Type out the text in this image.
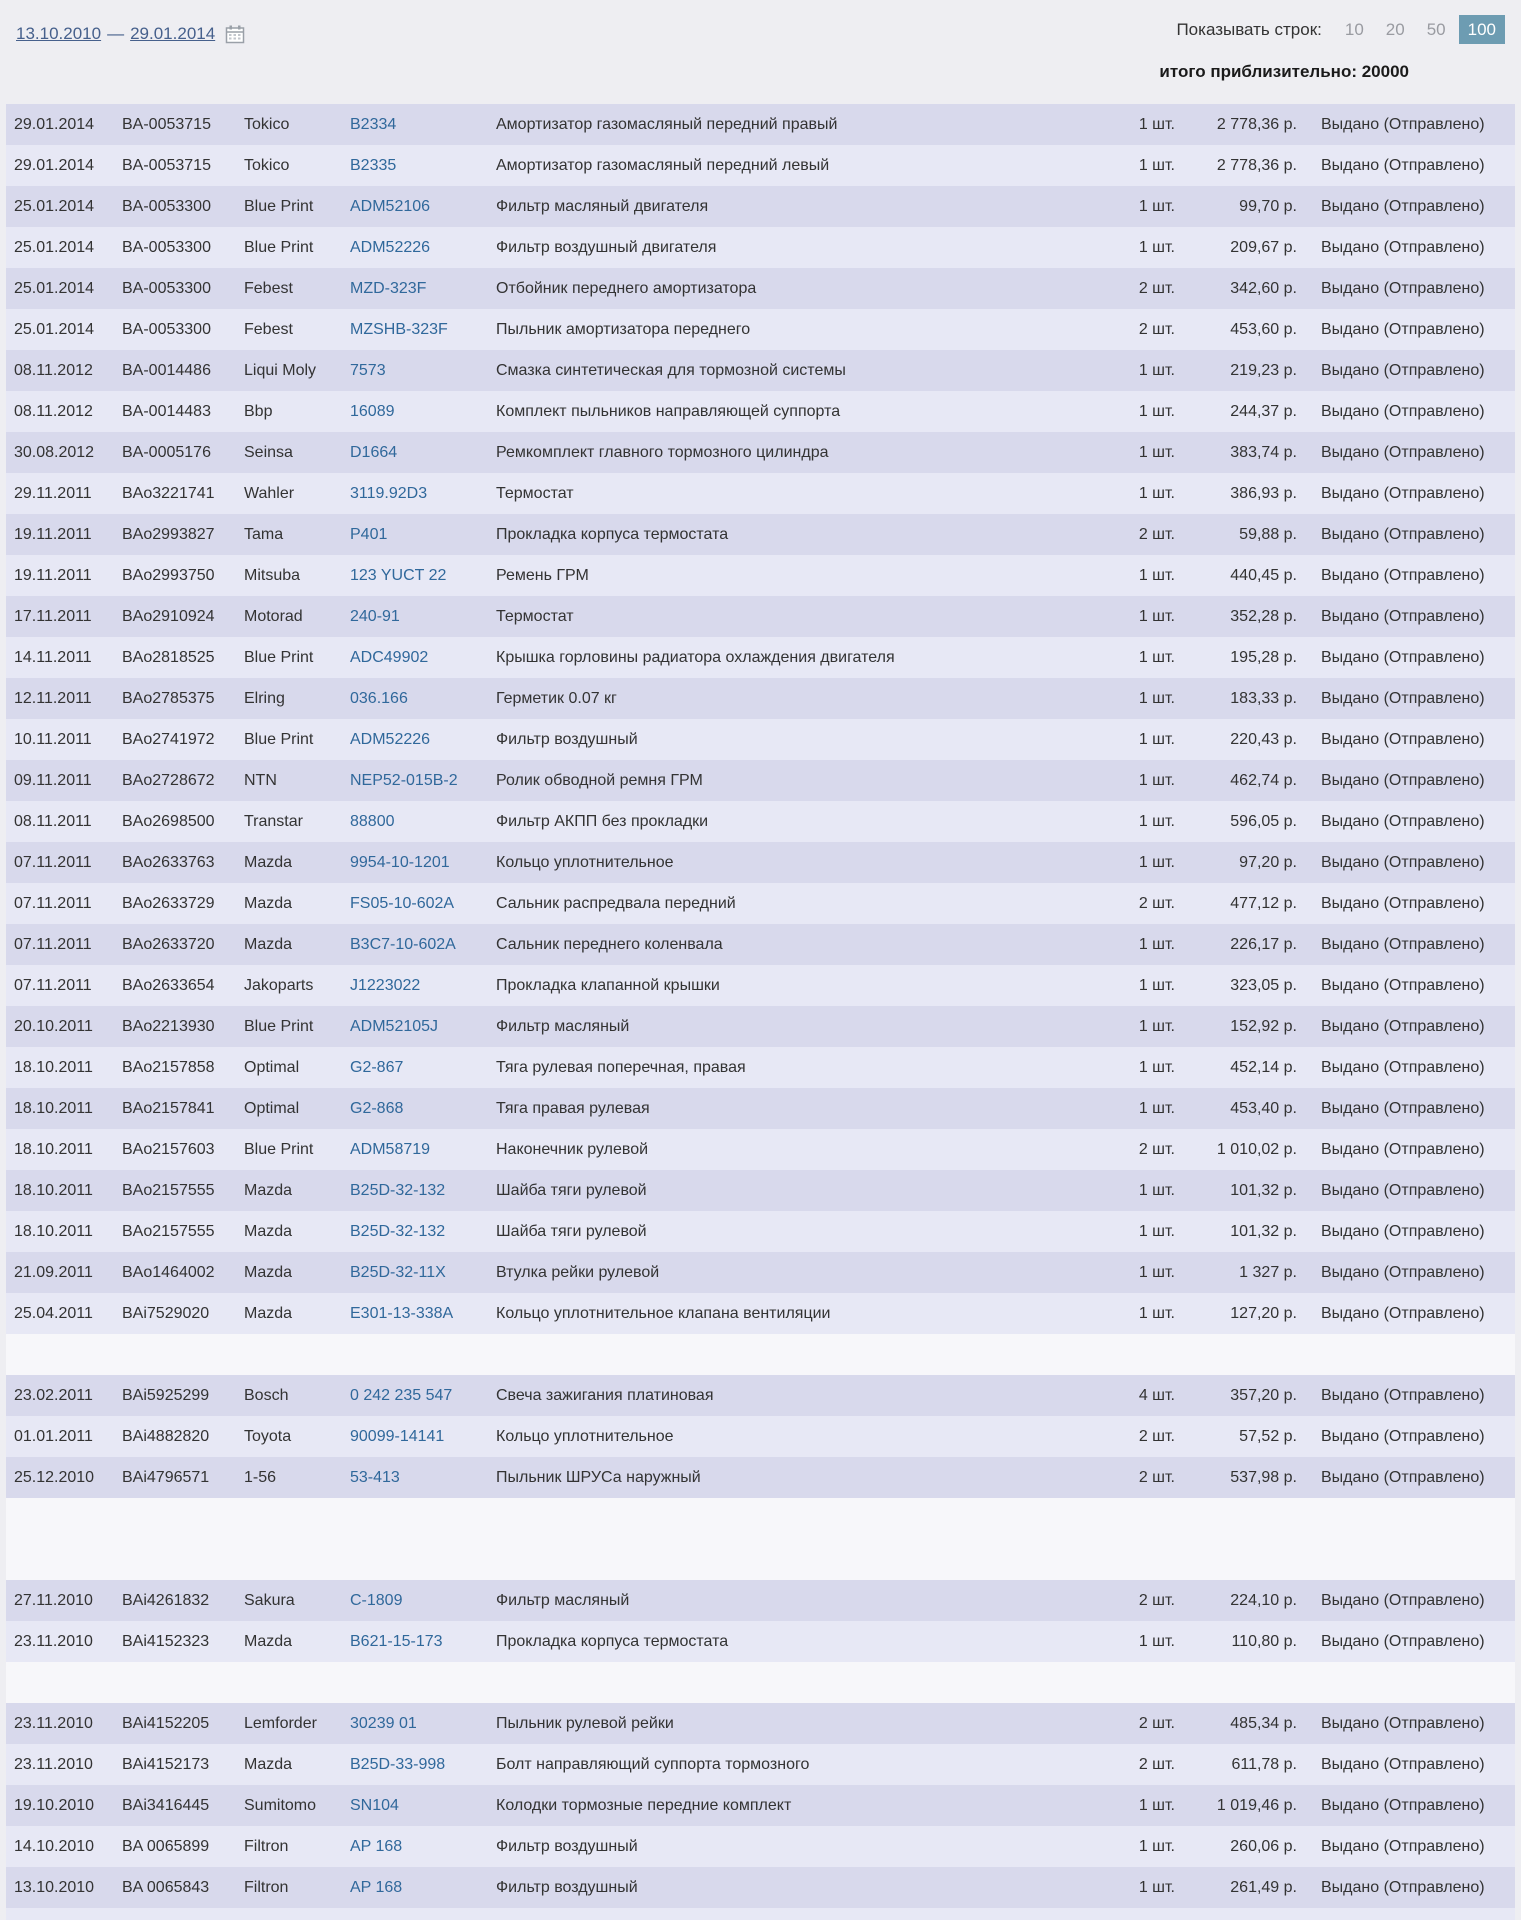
13.10.2010 — 29.01.2014	Показывать строк:	10 20 50 100
итого приблизительно: 20000
29.01.2014	BA-0053715	Tokico	B2334	Амортизатор газомасляный передний правый	1 шт.	2 778,36 р.	Выдано (Отправлено)
29.01.2014	BA-0053715	Tokico	B2335	Амортизатор газомасляный передний левый	1 шт.	2 778,36 р.	Выдано (Отправлено)
25.01.2014	BA-0053300	Blue Print	ADM52106	Фильтр масляный двигателя	1 шт.	99,70 р.	Выдано (Отправлено)
25.01.2014	BA-0053300	Blue Print	ADM52226	Фильтр воздушный двигателя	1 шт.	209,67 р.	Выдано (Отправлено)
25.01.2014	BA-0053300	Febest	MZD-323F	Отбойник переднего амортизатора	2 шт.	342,60 р.	Выдано (Отправлено)
25.01.2014	BA-0053300	Febest	MZSHB-323F	Пыльник амортизатора переднего	2 шт.	453,60 р.	Выдано (Отправлено)
08.11.2012	BA-0014486	Liqui Moly	7573	Смазка синтетическая для тормозной системы	1 шт.	219,23 р.	Выдано (Отправлено)
08.11.2012	BA-0014483	Bbp	16089	Комплект пыльников направляющей суппорта	1 шт.	244,37 р.	Выдано (Отправлено)
30.08.2012	BA-0005176	Seinsa	D1664	Ремкомплект главного тормозного цилиндра	1 шт.	383,74 р.	Выдано (Отправлено)
29.11.2011	BAo3221741	Wahler	3119.92D3	Термостат	1 шт.	386,93 р.	Выдано (Отправлено)
19.11.2011	BAo2993827	Tama	P401	Прокладка корпуса термостата	2 шт.	59,88 р.	Выдано (Отправлено)
19.11.2011	BAo2993750	Mitsuba	123 YUCT 22	Ремень ГРМ	1 шт.	440,45 р.	Выдано (Отправлено)
17.11.2011	BAo2910924	Motorad	240-91	Термостат	1 шт.	352,28 р.	Выдано (Отправлено)
14.11.2011	BAo2818525	Blue Print	ADC49902	Крышка горловины радиатора охлаждения двигателя	1 шт.	195,28 р.	Выдано (Отправлено)
12.11.2011	BAo2785375	Elring	036.166	Герметик 0.07 кг	1 шт.	183,33 р.	Выдано (Отправлено)
10.11.2011	BAo2741972	Blue Print	ADM52226	Фильтр воздушный	1 шт.	220,43 р.	Выдано (Отправлено)
09.11.2011	BAo2728672	NTN	NEP52-015B-2	Ролик обводной ремня ГРМ	1 шт.	462,74 р.	Выдано (Отправлено)
08.11.2011	BAo2698500	Transtar	88800	Фильтр АКПП без прокладки	1 шт.	596,05 р.	Выдано (Отправлено)
07.11.2011	BAo2633763	Mazda	9954-10-1201	Кольцо уплотнительное	1 шт.	97,20 р.	Выдано (Отправлено)
07.11.2011	BAo2633729	Mazda	FS05-10-602A	Сальник распредвала передний	2 шт.	477,12 р.	Выдано (Отправлено)
07.11.2011	BAo2633720	Mazda	B3C7-10-602A	Сальник переднего коленвала	1 шт.	226,17 р.	Выдано (Отправлено)
07.11.2011	BAo2633654	Jakoparts	J1223022	Прокладка клапанной крышки	1 шт.	323,05 р.	Выдано (Отправлено)
20.10.2011	BAo2213930	Blue Print	ADM52105J	Фильтр масляный	1 шт.	152,92 р.	Выдано (Отправлено)
18.10.2011	BAo2157858	Optimal	G2-867	Тяга рулевая поперечная, правая	1 шт.	452,14 р.	Выдано (Отправлено)
18.10.2011	BAo2157841	Optimal	G2-868	Тяга правая рулевая	1 шт.	453,40 р.	Выдано (Отправлено)
18.10.2011	BAo2157603	Blue Print	ADM58719	Наконечник рулевой	2 шт.	1 010,02 р.	Выдано (Отправлено)
18.10.2011	BAo2157555	Mazda	B25D-32-132	Шайба тяги рулевой	1 шт.	101,32 р.	Выдано (Отправлено)
18.10.2011	BAo2157555	Mazda	B25D-32-132	Шайба тяги рулевой	1 шт.	101,32 р.	Выдано (Отправлено)
21.09.2011	BAo1464002	Mazda	B25D-32-11X	Втулка рейки рулевой	1 шт.	1 327 р.	Выдано (Отправлено)
25.04.2011	BAi7529020	Mazda	E301-13-338A	Кольцо уплотнительное клапана вентиляции	1 шт.	127,20 р.	Выдано (Отправлено)
23.02.2011	BAi5925299	Bosch	0 242 235 547	Свеча зажигания платиновая	4 шт.	357,20 р.	Выдано (Отправлено)
01.01.2011	BAi4882820	Toyota	90099-14141	Кольцо уплотнительное	2 шт.	57,52 р.	Выдано (Отправлено)
25.12.2010	BAi4796571	1-56	53-413	Пыльник ШРУСа наружный	2 шт.	537,98 р.	Выдано (Отправлено)
27.11.2010	BAi4261832	Sakura	C-1809	Фильтр масляный	2 шт.	224,10 р.	Выдано (Отправлено)
23.11.2010	BAi4152323	Mazda	B621-15-173	Прокладка корпуса термостата	1 шт.	110,80 р.	Выдано (Отправлено)
23.11.2010	BAi4152205	Lemforder	30239 01	Пыльник рулевой рейки	2 шт.	485,34 р.	Выдано (Отправлено)
23.11.2010	BAi4152173	Mazda	B25D-33-998	Болт направляющий суппорта тормозного	2 шт.	611,78 р.	Выдано (Отправлено)
19.10.2010	BAi3416445	Sumitomo	SN104	Колодки тормозные передние комплект	1 шт.	1 019,46 р.	Выдано (Отправлено)
14.10.2010	BA 0065899	Filtron	AP 168	Фильтр воздушный	1 шт.	260,06 р.	Выдано (Отправлено)
13.10.2010	BA 0065843	Filtron	AP 168	Фильтр воздушный	1 шт.	261,49 р.	Выдано (Отправлено)
